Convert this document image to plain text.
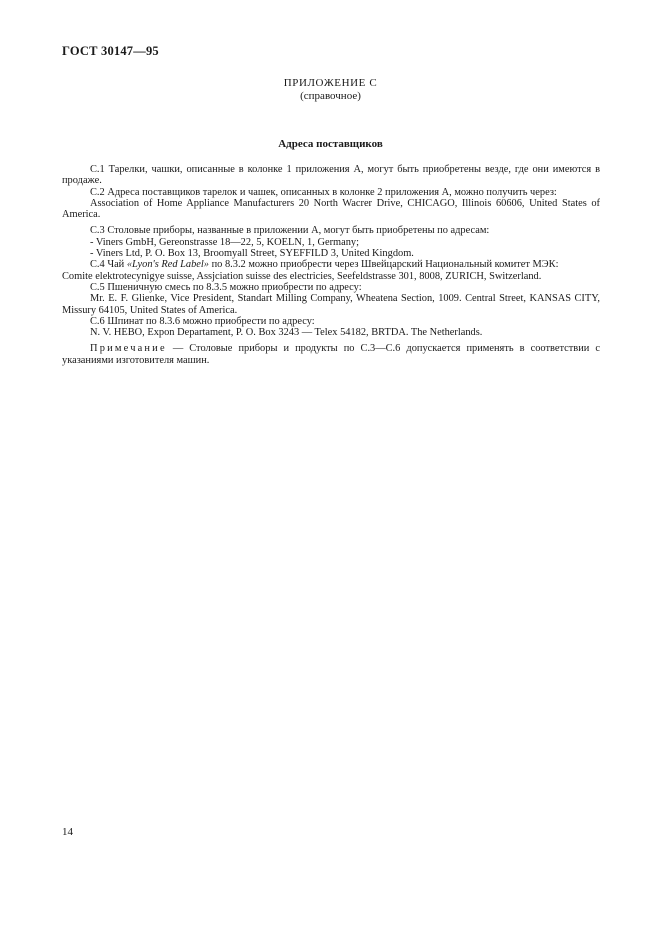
ГОСТ 30147—95
ПРИЛОЖЕНИЕ С
(справочное)
Адреса поставщиков

С.1 Тарелки, чашки, описанные в колонке 1 приложения А, могут быть приобретены везде, где они имеются в продаже.

С.2 Адреса поставщиков тарелок и чашек, описанных в колонке 2 приложения А, можно получить через:

Association of Home Appliance Manufacturers 20 North Wacrer Drive, CHICAGO, Illinois 60606, United States of America.

С.3 Столовые приборы, названные в приложении А, могут быть приобретены по адресам:

- Viners GmbH, Gereonstrasse 18—22, 5, KOELN, 1, Germany;

- Viners Ltd, P. O. Box 13, Broomyall Street, SYEFFILD 3, United Kingdom.

С.4 Чай «Lyon's Red Label» по 8.3.2 можно приобрести через Швейцарский Национальный комитет МЭК:

Comite elektrotecynigye suisse, Assjciation suisse des electricies, Seefeldstrasse 301, 8008, ZURICH, Switzerland.

С.5 Пшеничную смесь по 8.3.5 можно приобрести по адресу:

Mr. E. F. Glienke, Vice President, Standart Milling Company, Wheatena Section, 1009. Central Street, KANSAS CITY, Missury 64105, United States of America.

С.6 Шпинат по 8.3.6 можно приобрести по адресу:

N. V. HEBO, Expon Departament, P. O. Box 3243 — Telex 54182, BRTDA. The Netherlands.

Примечание — Столовые приборы и продукты по С.3—С.6 допускается применять в соответствии с указаниями изготовителя машин.

14
